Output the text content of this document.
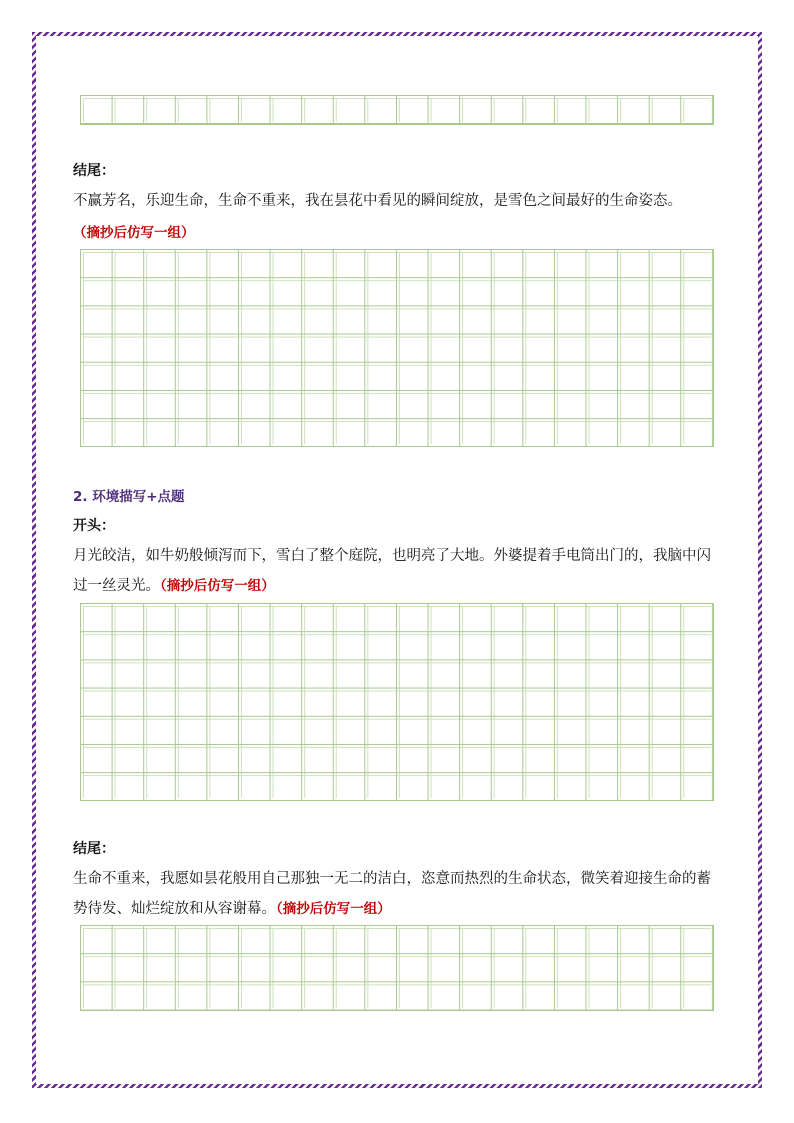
结尾：
不赢芳名，乐迎生命，生命不重来，我在昙花中看见的瞬间绽放，是雪色之间最好的生命姿态。
（摘抄后仿写一组）
2. 环境描写+点题
开头：
月光皎洁，如牛奶般倾泻而下，雪白了整个庭院，也明亮了大地。外婆提着手电筒出门的，我脑中闪过一丝灵光。（摘抄后仿写一组）
结尾：
生命不重来，我愿如昙花般用自己那独一无二的洁白，恣意而热烈的生命状态，微笑着迎接生命的蓄势待发、灿烂绽放和从容谢幕。（摘抄后仿写一组）
